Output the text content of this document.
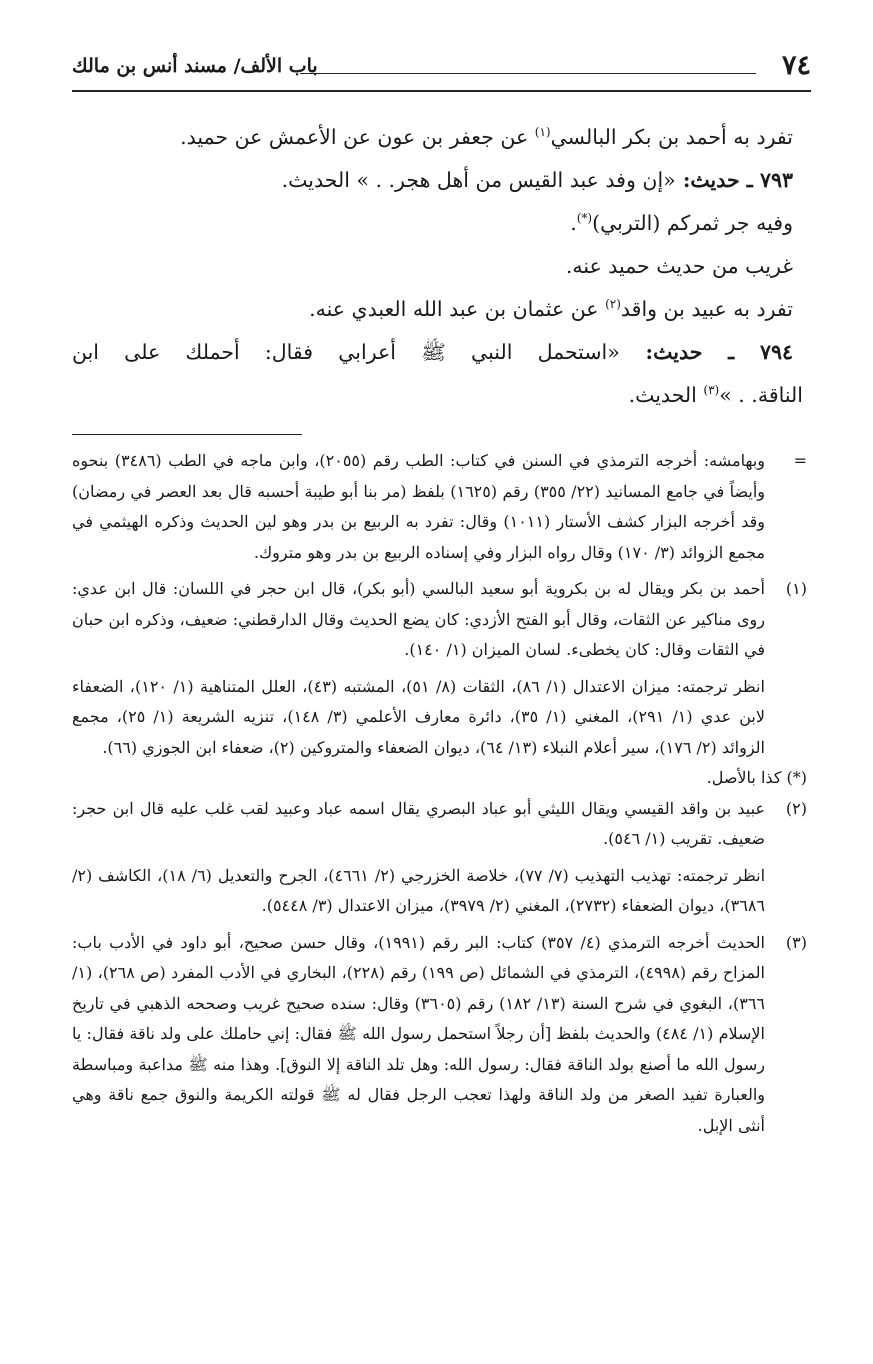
٧٤
باب الألف/ مسند أنس بن مالك
تفرد به أحمد بن بكر البالسي$^{(١)}$ عن جعفر بن عون عن الأعمش عن حميد.
٧٩٣ ـ حديث: «إن وفد عبد القيس من أهل هجر. . » الحديث.
وفيه جر ثمركم (التربي)(*).
غريب من حديث حميد عنه.
تفرد به عبيد بن واقد$^{(٢)}$ عن عثمان بن عبد الله العبدي عنه.
٧٩٤ ـ حديث: «استحمل النبي ﷺ أعرابي فقال: أحملك على ابن
الناقة. . »$^{(٣)}$ الحديث.
=

وبهامشه: أخرجه الترمذي في السنن في كتاب: الطب رقم (٢٠٥٥)، وابن ماجه في الطب (٣٤٨٦) بنحوه وأيضاً في جامع المسانيد (٢٢/ ٣٥٥) رقم (١٦٢٥) بلفظ (مر بنا أبو طيبة أحسبه قال بعد العصر في رمضان) وقد أخرجه البزار كشف الأستار (١٠١١) وقال: تفرد به الربيع بن بدر وهو لين الحديث وذكره الهيثمي في مجمع الزوائد (٣/ ١٧٠) وقال رواه البزار وفي إسناده الربيع بن بدر وهو متروك.

(١)

أحمد بن بكر ويقال له بن بكروية أبو سعيد البالسي (أبو بكر)، قال ابن حجر في اللسان: قال ابن عدي: روى مناكير عن الثقات، وقال أبو الفتح الأزدي: كان يضع الحديث وقال الدارقطني: ضعيف، وذكره ابن حبان في الثقات وقال: كان يخطىء. لسان الميزان (١/ ١٤٠).

انظر ترجمته: ميزان الاعتدال (١/ ٨٦)، الثقات (٨/ ٥١)، المشتبه (٤٣)، العلل المتناهية (١/ ١٢٠)، الضعفاء لابن عدي (١/ ٢٩١)، المغني (١/ ٣٥)، دائرة معارف الأعلمي (٣/ ١٤٨)، تنزيه الشريعة (١/ ٢٥)، مجمع الزوائد (٢/ ١٧٦)، سير أعلام النبلاء (١٣/ ٦٤)، ديوان الضعفاء والمتروكين (٢)، ضعفاء ابن الجوزي (٦٦).

(*) كذا بالأصل.

(٢)

عبيد بن واقد القيسي ويقال الليثي أبو عباد البصري يقال اسمه عباد وعبيد لقب غلب عليه قال ابن حجر: ضعيف. تقريب (١/ ٥٤٦).

انظر ترجمته: تهذيب التهذيب (٧/ ٧٧)، خلاصة الخزرجي (٢/ ٤٦٦١)، الجرح والتعديل (٦/ ١٨)، الكاشف (٢/ ٣٦٨٦)، ديوان الضعفاء (٢٧٣٢)، المغني (٢/ ٣٩٧٩)، ميزان الاعتدال (٣/ ٥٤٤٨).

(٣)

الحديث أخرجه الترمذي (٤/ ٣٥٧) كتاب: البر رقم (١٩٩١)، وقال حسن صحيح، أبو داود في الأدب باب: المزاح رقم (٤٩٩٨)، الترمذي في الشمائل (ص ١٩٩) رقم (٢٢٨)، البخاري في الأدب المفرد (ص ٢٦٨)، (١/ ٣٦٦)، البغوي في شرح السنة (١٣/ ١٨٢) رقم (٣٦٠٥) وقال: سنده صحيح غريب وصححه الذهبي في تاريخ الإسلام (١/ ٤٨٤) والحديث بلفظ [أن رجلاً استحمل رسول الله ﷺ فقال: إني حاملك على ولد ناقة فقال: يا رسول الله ما أصنع بولد الناقة فقال: رسول الله: وهل تلد الناقة إلا النوق]. وهذا منه ﷺ مداعبة ومباسطة والعبارة تفيد الصغر من ولد الناقة ولهذا تعجب الرجل فقال له ﷺ قولته الكريمة والنوق جمع ناقة وهي أنثى الإبل.
